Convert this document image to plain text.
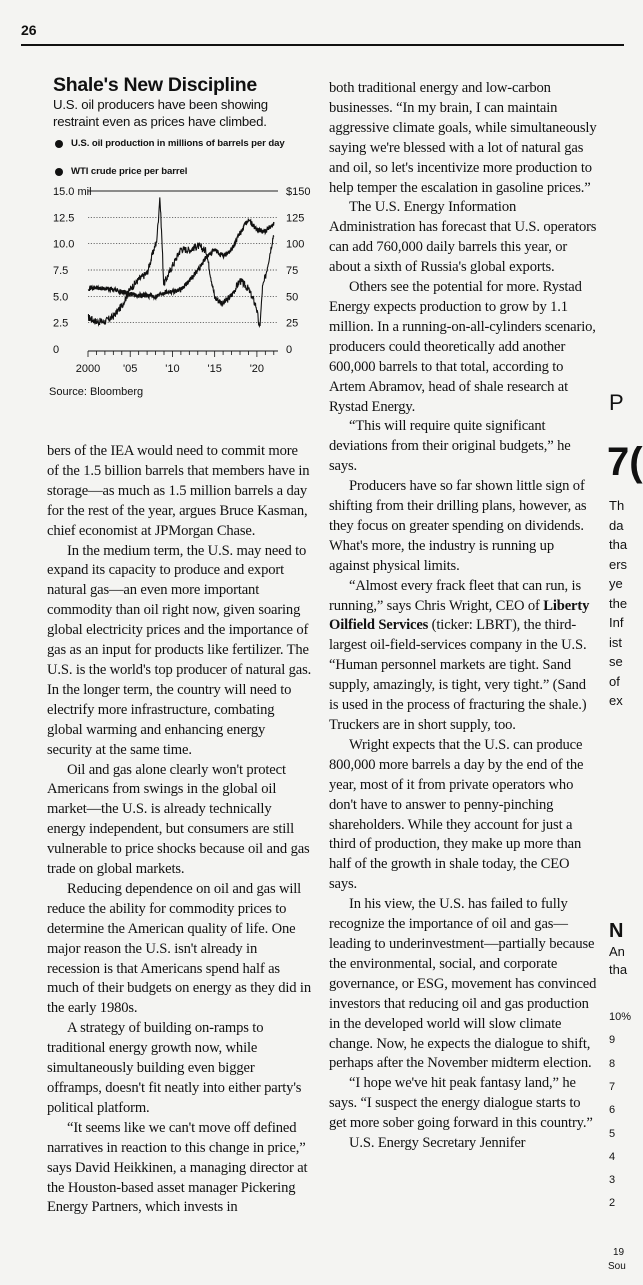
26
Shale's New Discipline
U.S. oil producers have been showing restraint even as prices have climbed.
U.S. oil production in millions of barrels per day
WTI crude price per barrel
15.0 mil
12.5
10.0
7.5
5.0
2.5
0
$150
125
100
75
50
25
0
2000 '05	'10	'15	'20
Source: Bloomberg

bers of the IEA would need to commit more of the 1.5 billion barrels that members have in storage—as much as 1.5 million barrels a day for the rest of the year, argues Bruce Kasman, chief economist at JPMorgan Chase.

In the medium term, the U.S. may need to expand its capacity to produce and export natural gas—an even more important commodity than oil right now, given soaring global electricity prices and the importance of gas as an input for products like fertilizer. The U.S. is the world's top producer of natural gas. In the longer term, the country will need to electrify more infrastructure, combating global warming and enhancing energy security at the same time.

Oil and gas alone clearly won't protect Americans from swings in the global oil market—the U.S. is already technically energy independent, but consumers are still vulnerable to price shocks because oil and gas trade on global markets.

Reducing dependence on oil and gas will reduce the ability for commodity prices to determine the American quality of life. One major reason the U.S. isn't already in recession is that Americans spend half as much of their budgets on energy as they did in the early 1980s.

A strategy of building on-ramps to traditional energy growth now, while simultaneously building even bigger offramps, doesn't fit neatly into either party's political platform.

“It seems like we can't move off defined narratives in reaction to this change in price,” says David Heikkinen, a managing director at the Houston-based asset manager Pickering Energy Partners, which invests in

both traditional energy and low-carbon businesses. “In my brain, I can maintain aggressive climate goals, while simultaneously saying we're blessed with a lot of natural gas and oil, so let's incentivize more production to help temper the escalation in gasoline prices.”

The U.S. Energy Information Administration has forecast that U.S. operators can add 760,000 daily barrels this year, or about a sixth of Russia's global exports.

Others see the potential for more. Rystad Energy expects production to grow by 1.1 million. In a running-on-all-cylinders scenario, producers could theoretically add another 600,000 barrels to that total, according to Artem Abramov, head of shale research at Rystad Energy.

“This will require quite significant deviations from their original budgets,” he says.

Producers have so far shown little sign of shifting from their drilling plans, however, as they focus on greater spending on dividends. What's more, the industry is running up against physical limits.

“Almost every frack fleet that can run, is running,” says Chris Wright, CEO of Liberty Oilfield Services (ticker: LBRT), the third-largest oil-field-services company in the U.S. “Human personnel markets are tight. Sand supply, amazingly, is tight, very tight.” (Sand is used in the process of fracturing the shale.) Truckers are in short supply, too.

Wright expects that the U.S. can produce 800,000 more barrels a day by the end of the year, most of it from private operators who don't have to answer to penny-pinching shareholders. While they account for just a third of production, they make up more than half of the growth in shale today, the CEO says.

In his view, the U.S. has failed to fully recognize the importance of oil and gas—leading to underinvestment—partially because the environmental, social, and corporate governance, or ESG, movement has convinced investors that reducing oil and gas production in the developed world will slow climate change. Now, he expects the dialogue to shift, perhaps after the November midterm election.

“I hope we've hit peak fantasy land,” he says. “I suspect the energy dialogue starts to get more sober going forward in this country.”

U.S. Energy Secretary Jennifer

P
7(
Th
da
tha
ers
ye
the
Inf
ist
se
of
ex
N
An
tha
10%
9
8
7
6
5
4
3
2
19
Sou
